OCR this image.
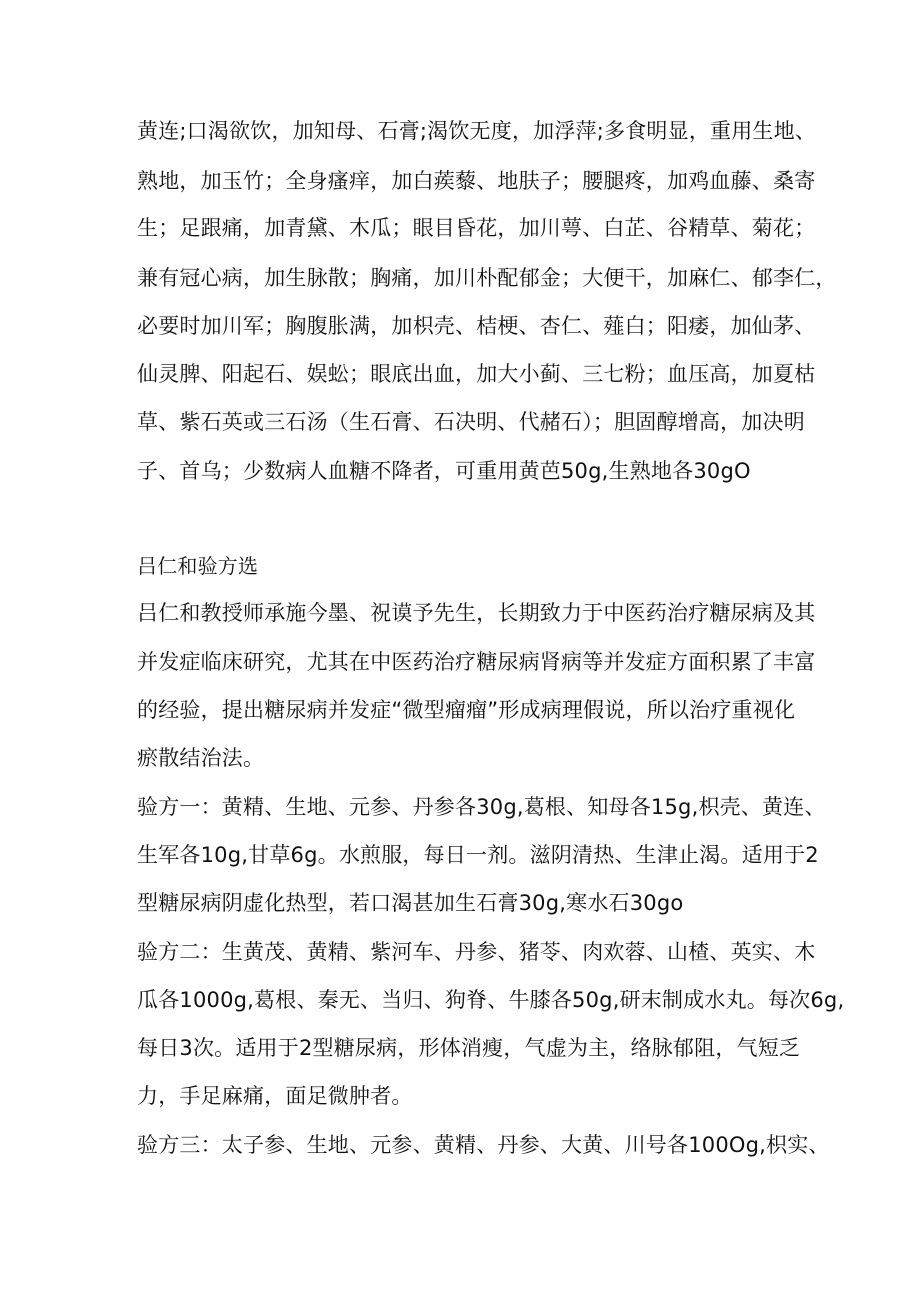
黄连;口渴欲饮，加知母、石膏;渴饮无度，加浮萍;多食明显，重用生地、
熟地，加玉竹；全身瘙痒，加白蒺藜、地肤子；腰腿疼，加鸡血藤、桑寄
生；足跟痛，加青黛、木瓜；眼目昏花，加川萼、白芷、谷精草、菊花；
兼有冠心病，加生脉散；胸痛，加川朴配郁金；大便干，加麻仁、郁李仁，
必要时加川军；胸腹胀满，加枳壳、桔梗、杏仁、薤白；阳痿，加仙茅、
仙灵脾、阳起石、娱蚣；眼底出血，加大小蓟、三七粉；血压高，加夏枯
草、紫石英或三石汤（生石膏、石决明、代赭石）；胆固醇增高，加决明
子、首乌；少数病人血糖不降者，可重用黄芭50g,生熟地各30gO
吕仁和验方选
吕仁和教授师承施今墨、祝谟予先生，长期致力于中医药治疗糖尿病及其
并发症临床研究，尤其在中医药治疗糖尿病肾病等并发症方面积累了丰富
的经验，提出糖尿病并发症“微型瘤瘤”形成病理假说，所以治疗重视化
瘀散结治法。
验方一：黄精、生地、元参、丹参各30g,葛根、知母各15g,枳壳、黄连、
生军各10g,甘草6g。水煎服，每日一剂。滋阴清热、生津止渴。适用于2
型糖尿病阴虚化热型，若口渴甚加生石膏30g,寒水石30go
验方二：生黄茂、黄精、紫河车、丹参、猪苓、肉欢蓉、山楂、英实、木
瓜各1000g,葛根、秦无、当归、狗脊、牛膝各50g,研末制成水丸。每次6g,
每日3次。适用于2型糖尿病，形体消瘦，气虚为主，络脉郁阻，气短乏
力，手足麻痛，面足微肿者。
验方三：太子参、生地、元参、黄精、丹参、大黄、川号各100Og,枳实、
